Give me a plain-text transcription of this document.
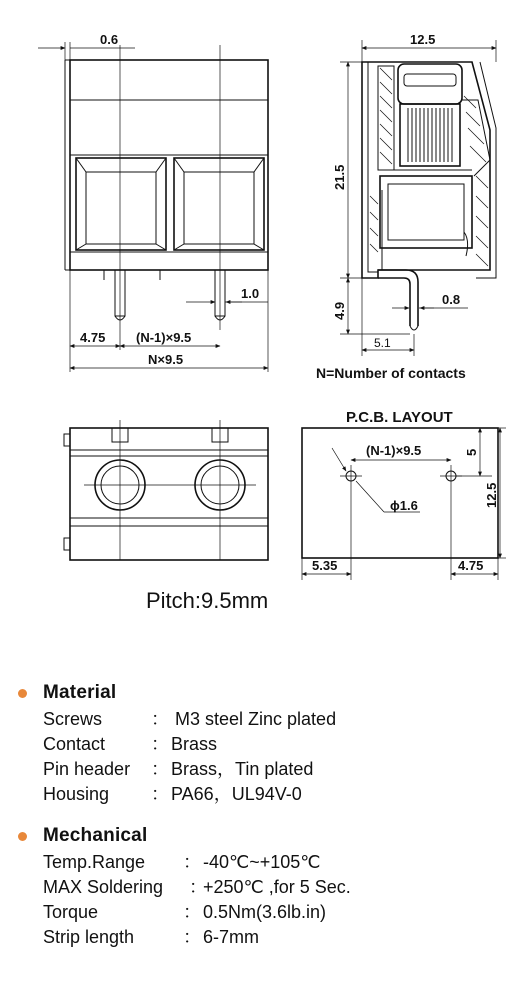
0.6
1.0
4.75 (N-1)×9.5
N×9.5
12.5
21.5
4.9
0.8
5.1
N=Number of contacts
P.C.B. LAYOUT
(N-1)×9.5
ϕ1.6
5
12.5
5.35	4.75
Pitch:9.5mm
Material
Screws	： M3 steel Zinc plated
Contact	： Brass
Pin header	： Brass，Tin plated
Housing	： PA66，UL94V-0
Mechanical
Temp.Range	： -40℃~+105℃
MAX Soldering	：
+250℃ ,for 5 Sec.
Torque	： 0.5Nm(3.6lb.in)
Strip length	： 6-7mm
